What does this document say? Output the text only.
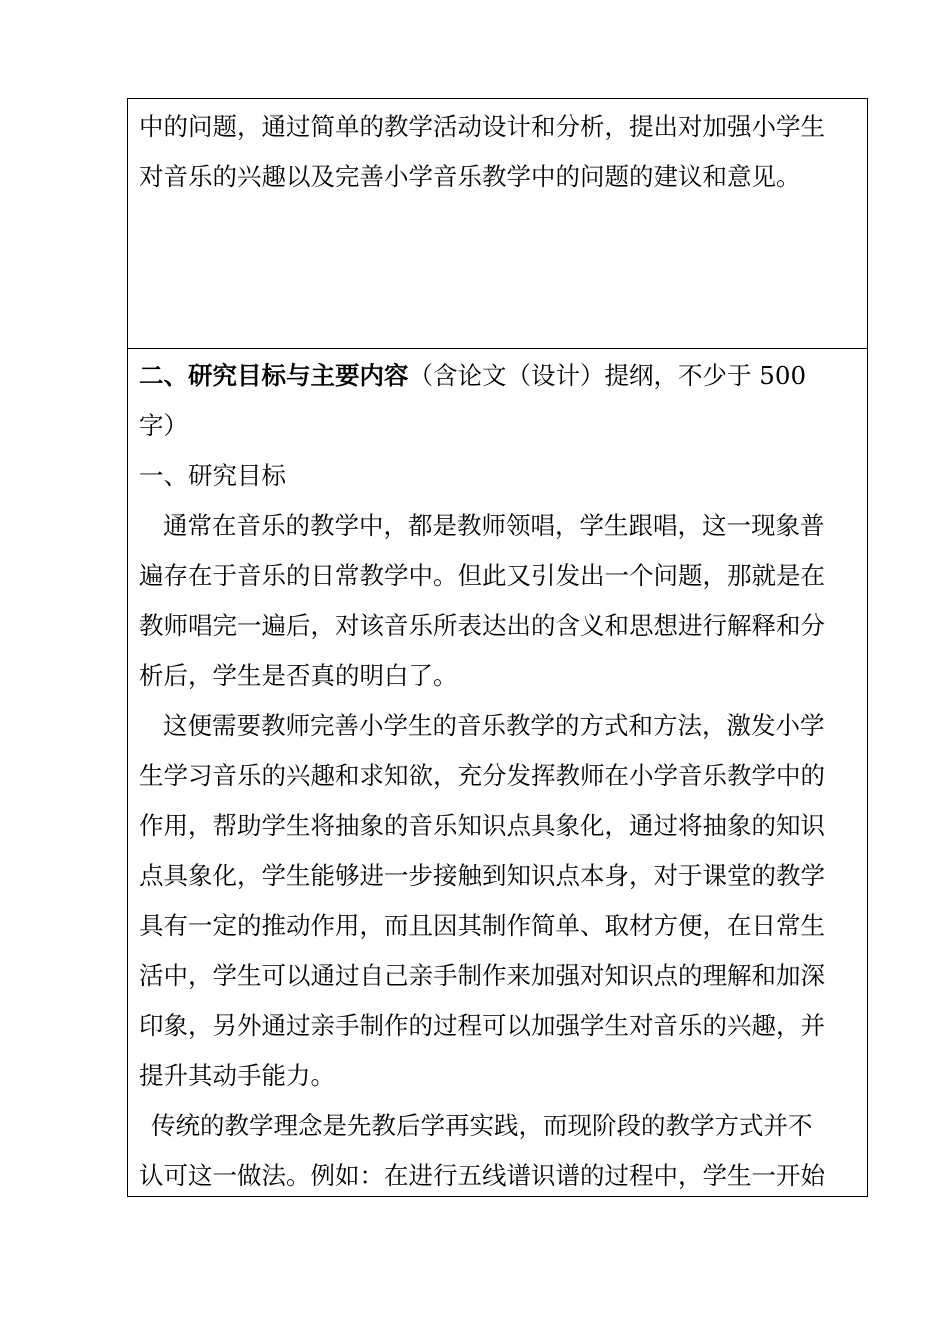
中的问题，通过简单的教学活动设计和分析，提出对加强小学生
对音乐的兴趣以及完善小学音乐教学中的问题的建议和意见。
二、研究目标与主要内容（含论文（设计）提纲，不少于 500
字）
一、研究目标
通常在音乐的教学中，都是教师领唱，学生跟唱，这一现象普
遍存在于音乐的日常教学中。但此又引发出一个问题，那就是在
教师唱完一遍后，对该音乐所表达出的含义和思想进行解释和分
析后，学生是否真的明白了。
这便需要教师完善小学生的音乐教学的方式和方法，激发小学
生学习音乐的兴趣和求知欲，充分发挥教师在小学音乐教学中的
作用，帮助学生将抽象的音乐知识点具象化，通过将抽象的知识
点具象化，学生能够进一步接触到知识点本身，对于课堂的教学
具有一定的推动作用，而且因其制作简单、取材方便，在日常生
活中，学生可以通过自己亲手制作来加强对知识点的理解和加深
印象，另外通过亲手制作的过程可以加强学生对音乐的兴趣，并
提升其动手能力。
传统的教学理念是先教后学再实践，而现阶段的教学方式并不
认可这一做法。例如：在进行五线谱识谱的过程中，学生一开始
